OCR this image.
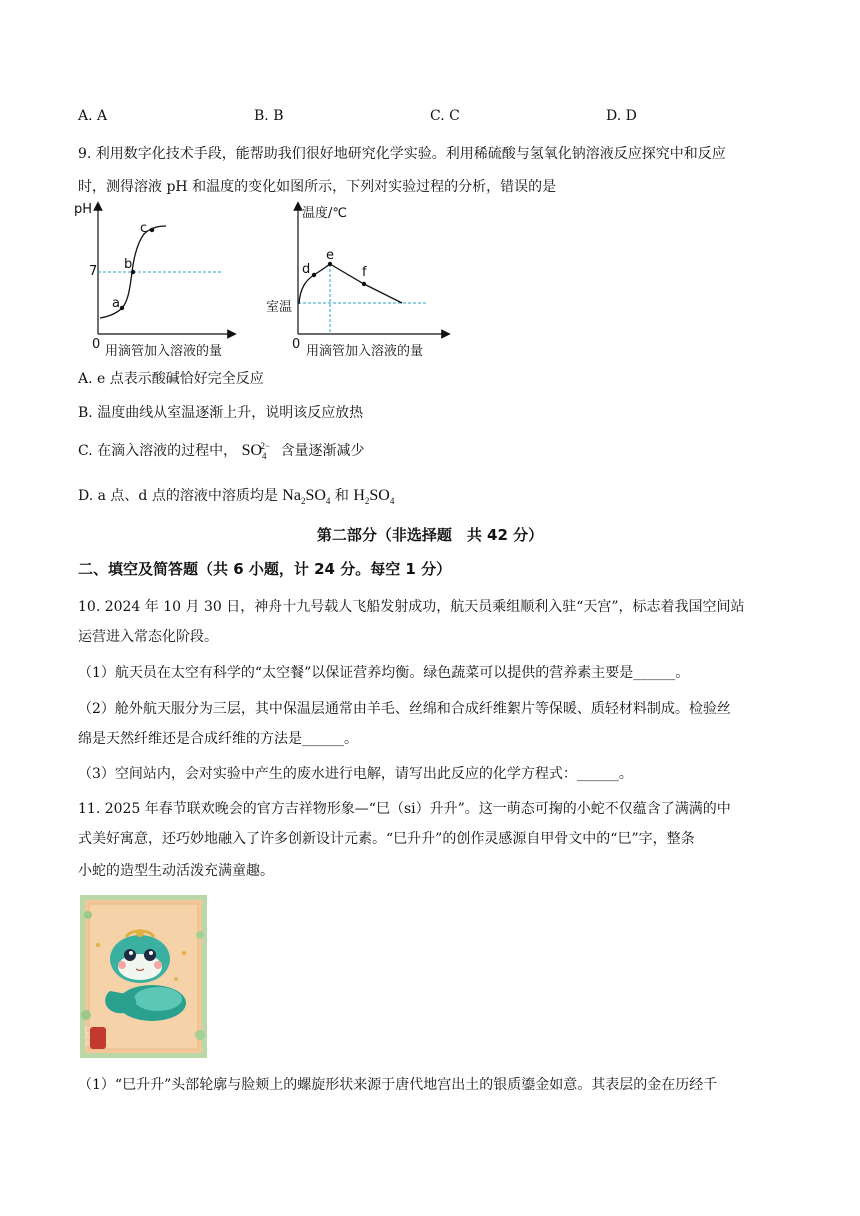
A. A	B. B	C. C	D. D
9. 利用数字化技术手段，能帮助我们很好地研究化学实验。利用稀硫酸与氢氧化钠溶液反应探究中和反应
时，测得溶液 pH 和温度的变化如图所示，下列对实验过程的分析，错误的是
pH
7
a
b
c
0 用滴管加入溶液的量
温度/℃
室温
d
e
f
0 用滴管加入溶液的量
A. e 点表示酸碱恰好完全反应
B. 温度曲线从室温逐渐上升，说明该反应放热
C. 在滴入溶液的过程中， $SO_4^{2-}$ 含量逐渐减少
D. a 点、d 点的溶液中溶质均是 $Na_2SO_4$ 和 $H_2SO_4$
第二部分（非选择题　共 42 分）
二、填空及简答题（共 6 小题，计 24 分。每空 1 分）
10. 2024 年 10 月 30 日，神舟十九号载人飞船发射成功，航天员乘组顺利入驻“天宫”，标志着我国空间站
运营进入常态化阶段。
（1）航天员在太空有科学的“太空餐”以保证营养均衡。绿色蔬菜可以提供的营养素主要是______。
（2）舱外航天服分为三层，其中保温层通常由羊毛、丝绵和合成纤维絮片等保暖、质轻材料制成。检验丝
绵是天然纤维还是合成纤维的方法是______。
（3）空间站内，会对实验中产生的废水进行电解，请写出此反应的化学方程式：______。
11. 2025 年春节联欢晚会的官方吉祥物形象—“巳（si）升升”。这一萌态可掬的小蛇不仅蕴含了满满的中
式美好寓意，还巧妙地融入了许多创新设计元素。“巳升升”的创作灵感源自甲骨文中的“巳”字，整条
小蛇的造型生动活泼充满童趣。
巳升升
（1）“巳升升”头部轮廓与脸颊上的螺旋形状来源于唐代地宫出土的银质鎏金如意。其表层的金在历经千
